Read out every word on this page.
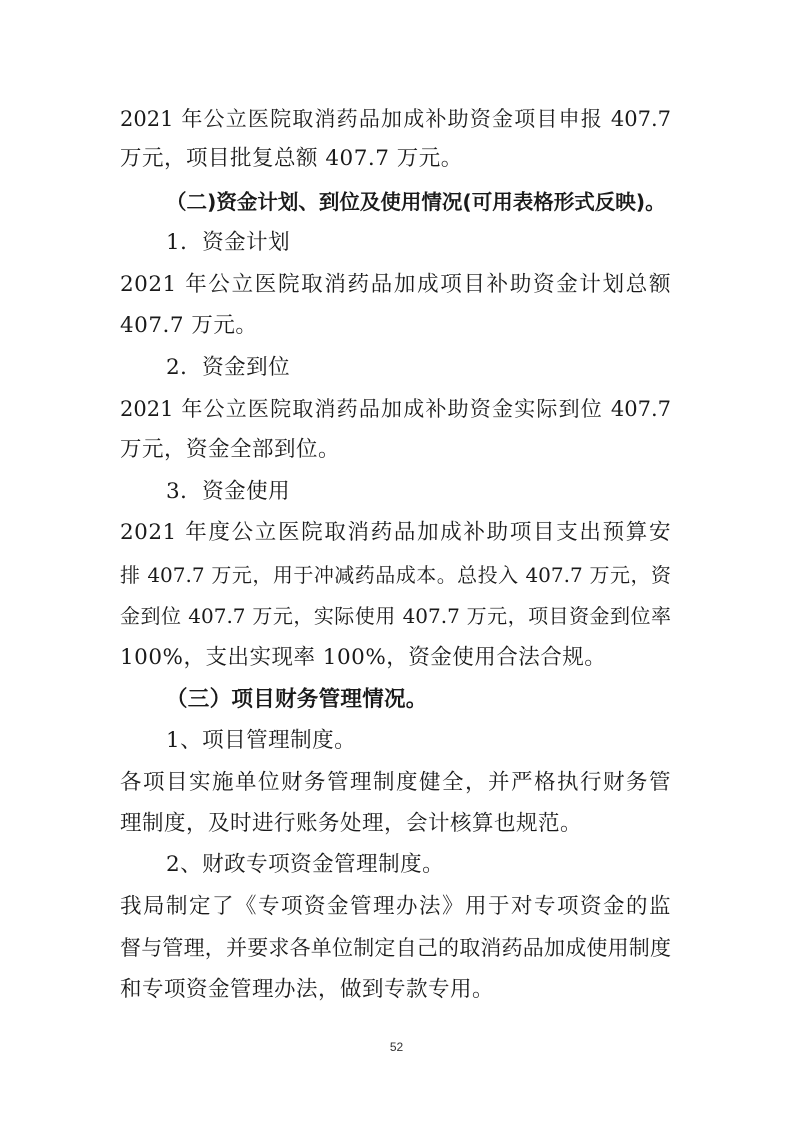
2021 年公立医院取消药品加成补助资金项目申报 407.7

万元，项目批复总额 407.7 万元。

（二)资金计划、到位及使用情况(可用表格形式反映)。

1．资金计划

2021 年公立医院取消药品加成项目补助资金计划总额

407.7 万元。

2．资金到位

2021 年公立医院取消药品加成补助资金实际到位 407.7

万元，资金全部到位。

3．资金使用

2021 年度公立医院取消药品加成补助项目支出预算安

排 407.7 万元，用于冲减药品成本。总投入 407.7 万元，资

金到位 407.7 万元，实际使用 407.7 万元，项目资金到位率

100%，支出实现率 100%，资金使用合法合规。

（三）项目财务管理情况。

1、项目管理制度。

各项目实施单位财务管理制度健全，并严格执行财务管

理制度，及时进行账务处理，会计核算也规范。

2、财政专项资金管理制度。

我局制定了《专项资金管理办法》用于对专项资金的监

督与管理，并要求各单位制定自己的取消药品加成使用制度

和专项资金管理办法，做到专款专用。

52
